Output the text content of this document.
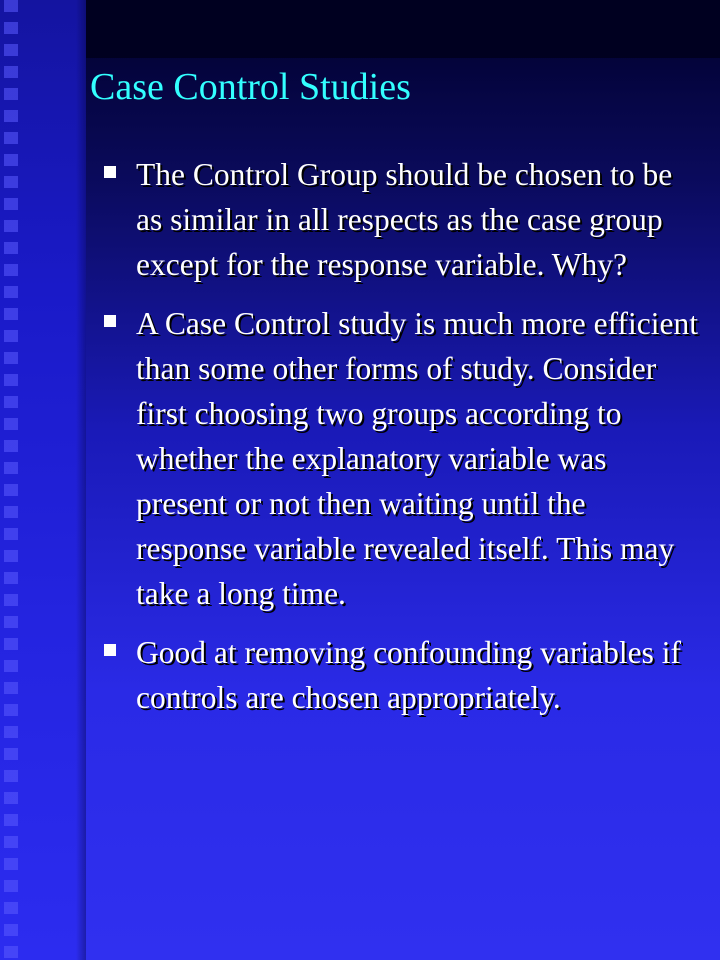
Case Control Studies
The Control Group should be chosen to be as similar in all respects as the case group except for the response variable. Why?
A Case Control study is much more efficient than some other forms of study. Consider first choosing two groups according to whether the explanatory variable was present or not then waiting until the response variable revealed itself. This may take a long time.
Good at removing confounding variables if controls are chosen appropriately.
